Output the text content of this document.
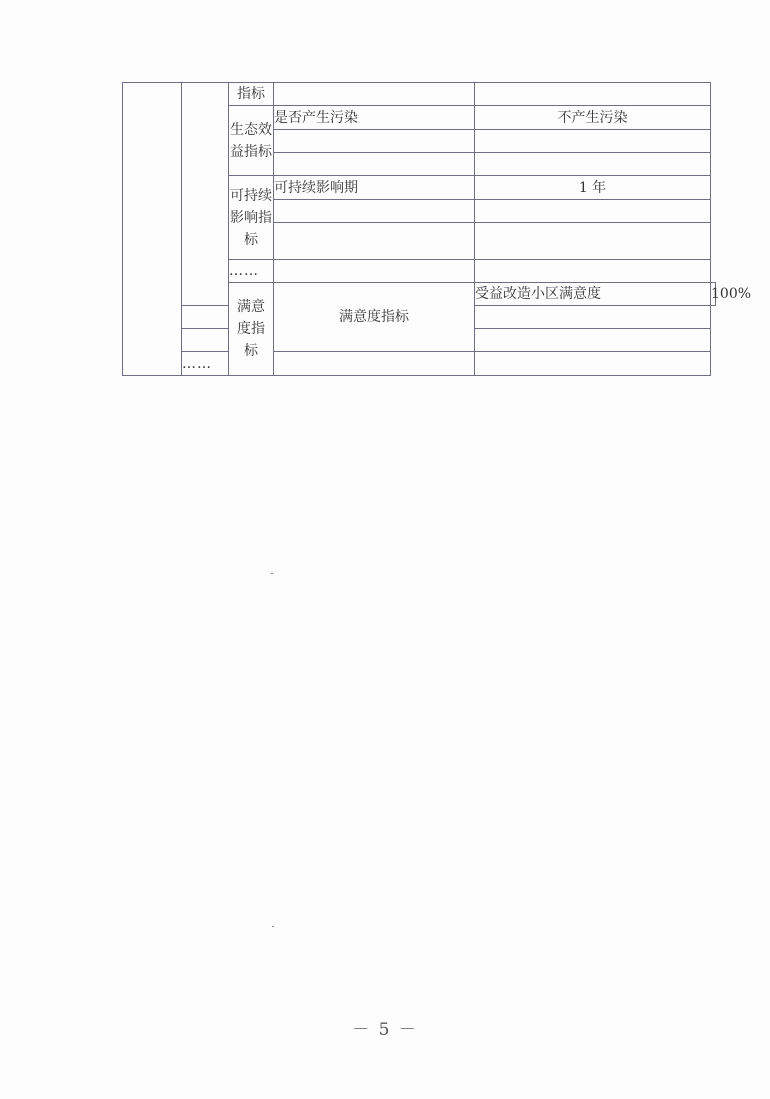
		指标			
		生态效益指标	是否产生污染	不产生污染	

		可持续影响指标	可持续影响期	1 年	

		……			
		满意度指标	满意度指标	受益改造小区满意度	100%

	……				
－ 5 －
